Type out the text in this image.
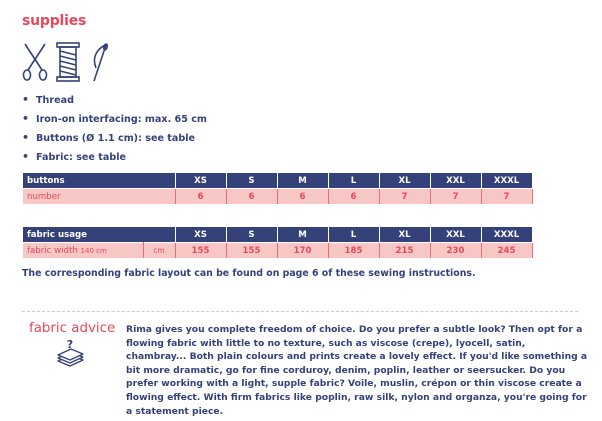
supplies
• Thread
• Iron-on interfacing: max. 65 cm
• Buttons (Ø 1.1 cm): see table
• Fabric: see table
buttons	XS	S	M	L	XL	XXL	XXXL
number	6	6	6	6	7	7	7
fabric usage		XS	S	M	L	XL	XXL	XXXL
fabric width 140 cm	cm	155	155	170	185	215	230	245
The corresponding fabric layout can be found on page 6 of these sewing instructions.
fabric advice
?
Rima gives you complete freedom of choice. Do you prefer a subtle look? Then opt for a flowing fabric with little to no texture, such as viscose (crepe), lyocell, satin, chambray... Both plain colours and prints create a lovely effect. If you'd like something a bit more dramatic, go for fine corduroy, denim, poplin, leather or seersucker. Do you prefer working with a light, supple fabric? Voile, muslin, crépon or thin viscose create a flowing effect. With firm fabrics like poplin, raw silk, nylon and organza, you're going for a statement piece.
